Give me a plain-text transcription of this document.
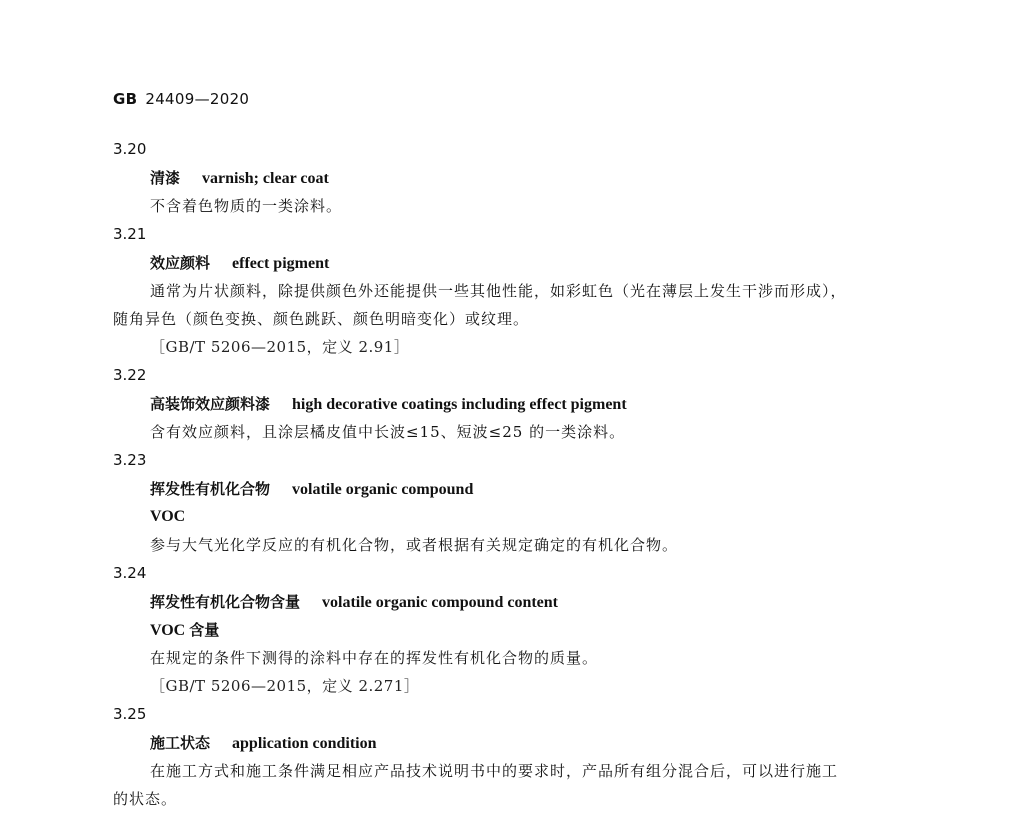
GB 24409—2020
3.20
清漆 varnish; clear coat
不含着色物质的一类涂料。
3.21
效应颜料 effect pigment
通常为片状颜料，除提供颜色外还能提供一些其他性能，如彩虹色（光在薄层上发生干涉而形成），
随角异色（颜色变换、颜色跳跃、颜色明暗变化）或纹理。
［GB/T 5206—2015，定义 2.91］
3.22
高装饰效应颜料漆 high decorative coatings including effect pigment
含有效应颜料，且涂层橘皮值中长波≤15、短波≤25 的一类涂料。
3.23
挥发性有机化合物 volatile organic compound
VOC
参与大气光化学反应的有机化合物，或者根据有关规定确定的有机化合物。
3.24
挥发性有机化合物含量 volatile organic compound content
VOC 含量
在规定的条件下测得的涂料中存在的挥发性有机化合物的质量。
［GB/T 5206—2015，定义 2.271］
3.25
施工状态 application condition
在施工方式和施工条件满足相应产品技术说明书中的要求时，产品所有组分混合后，可以进行施工
的状态。
